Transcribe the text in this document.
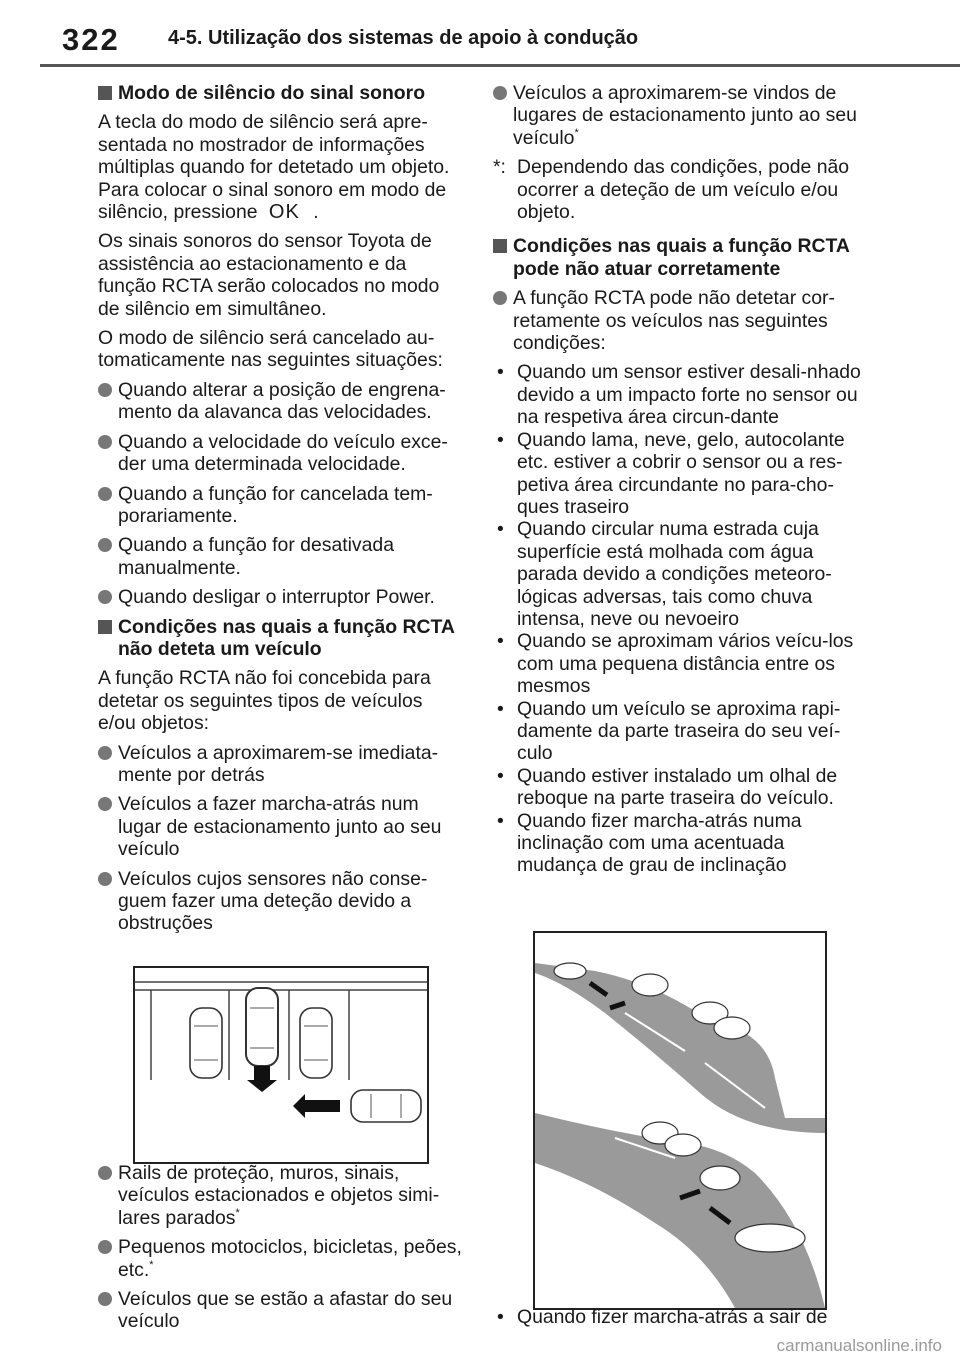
322 4-5. Utilização dos sistemas de apoio à condução
Modo de silêncio do sinal sonoro

A tecla do modo de silêncio será apre-sentada no mostrador de informações múltiplas quando for detetado um objeto. Para colocar o sinal sonoro em modo de silêncio, pressione OK .

Os sinais sonoros do sensor Toyota de assistência ao estacionamento e da função RCTA serão colocados no modo de silêncio em simultâneo.

O modo de silêncio será cancelado au-tomaticamente nas seguintes situações:

Quando alterar a posição de engrena-mento da alavanca das velocidades.
Quando a velocidade do veículo exce-der uma determinada velocidade.
Quando a função for cancelada tem-porariamente.
Quando a função for desativada manualmente.
Quando desligar o interruptor Power.
Condições nas quais a função RCTA não deteta um veículo

A função RCTA não foi concebida para detetar os seguintes tipos de veículos e/ou objetos:

Veículos a aproximarem-se imediata-mente por detrás
Veículos a fazer marcha-atrás num lugar de estacionamento junto ao seu veículo
Veículos cujos sensores não conse-guem fazer uma deteção devido a obstruções
Rails de proteção, muros, sinais, veículos estacionados e objetos simi-lares parados*
Pequenos motociclos, bicicletas, peões, etc.*
Veículos que se estão a afastar do seu veículo
Veículos a aproximarem-se vindos de lugares de estacionamento junto ao seu veículo*
*: Dependendo das condições, pode não ocorrer a deteção de um veículo e/ou objeto.
Condições nas quais a função RCTA pode não atuar corretamente
A função RCTA pode não detetar cor-retamente os veículos nas seguintes condições:
• Quando um sensor estiver desali-nhado devido a um impacto forte no sensor ou na respetiva área circun-dante
• Quando lama, neve, gelo, autocolante etc. estiver a cobrir o sensor ou a res-petiva área circundante no para-cho-ques traseiro
• Quando circular numa estrada cuja superfície está molhada com água parada devido a condições meteoro-lógicas adversas, tais como chuva intensa, neve ou nevoeiro
• Quando se aproximam vários veícu-los com uma pequena distância entre os mesmos
• Quando um veículo se aproxima rapi-damente da parte traseira do seu veí-culo
• Quando estiver instalado um olhal de reboque na parte traseira do veículo.
• Quando fizer marcha-atrás numa inclinação com uma acentuada mudança de grau de inclinação
• Quando fizer marcha-atrás a sair de
carmanualsonline.info
